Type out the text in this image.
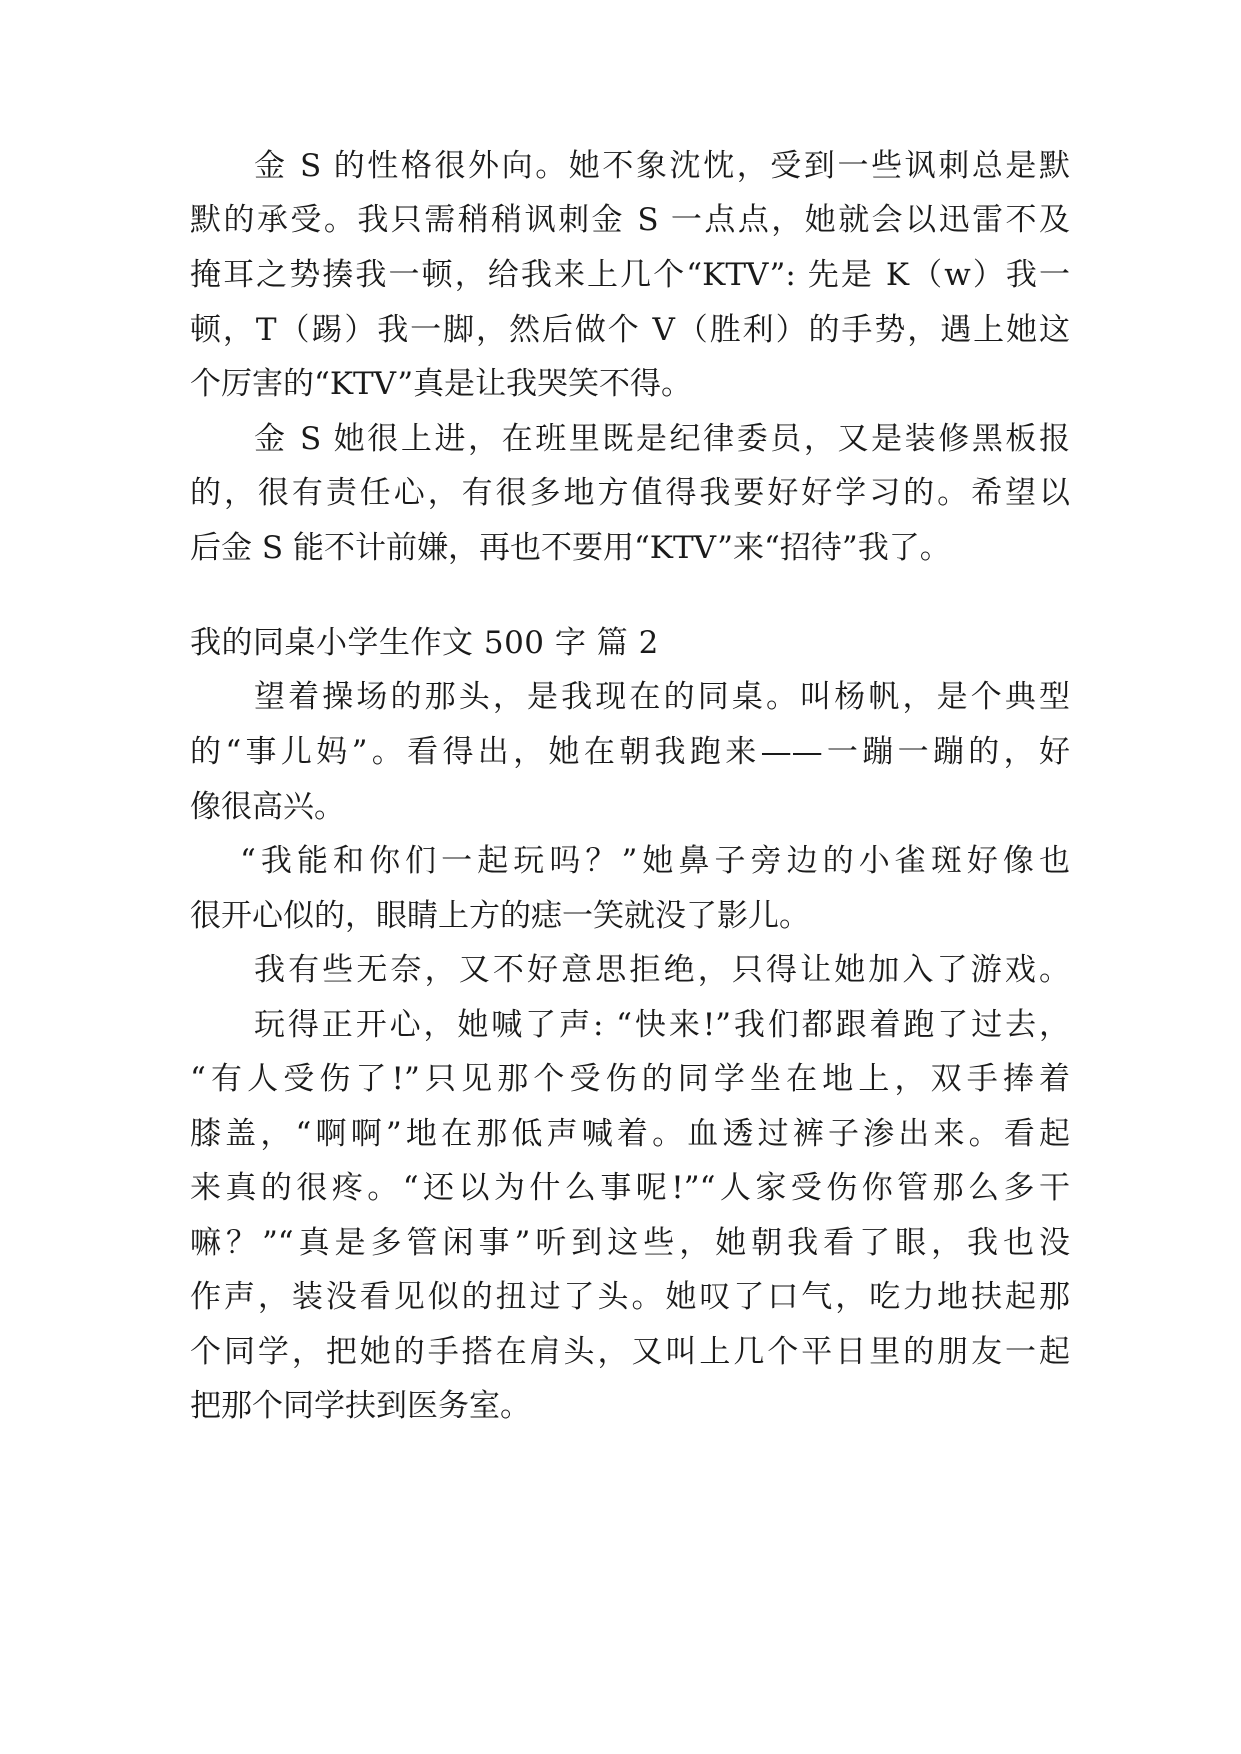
金 S 的性格很外向。她不象沈忱，受到一些讽刺总是默
默的承受。我只需稍稍讽刺金 S 一点点，她就会以迅雷不及
掩耳之势揍我一顿，给我来上几个“KTV”: 先是 K（w）我一
顿，T（踢）我一脚，然后做个 V（胜利）的手势，遇上她这
个厉害的“KTV”真是让我哭笑不得。
金 S 她很上进，在班里既是纪律委员，又是装修黑板报
的，很有责任心，有很多地方值得我要好好学习的。希望以
后金 S 能不计前嫌，再也不要用“KTV”来“招待”我了。
我的同桌小学生作文 500 字 篇 2
望着操场的那头，是我现在的同桌。叫杨帆，是个典型
的“事儿妈”。看得出，她在朝我跑来——一蹦一蹦的，好
像很高兴。
“我能和你们一起玩吗？”她鼻子旁边的小雀斑好像也
很开心似的，眼睛上方的痣一笑就没了影儿。
我有些无奈，又不好意思拒绝，只得让她加入了游戏。
玩得正开心，她喊了声: “快来!”我们都跟着跑了过去，
“有人受伤了!”只见那个受伤的同学坐在地上，双手捧着
膝盖，“啊啊”地在那低声喊着。血透过裤子渗出来。看起
来真的很疼。“还以为什么事呢!”“人家受伤你管那么多干
嘛？”“真是多管闲事”听到这些，她朝我看了眼，我也没
作声，装没看见似的扭过了头。她叹了口气，吃力地扶起那
个同学，把她的手搭在肩头，又叫上几个平日里的朋友一起
把那个同学扶到医务室。
